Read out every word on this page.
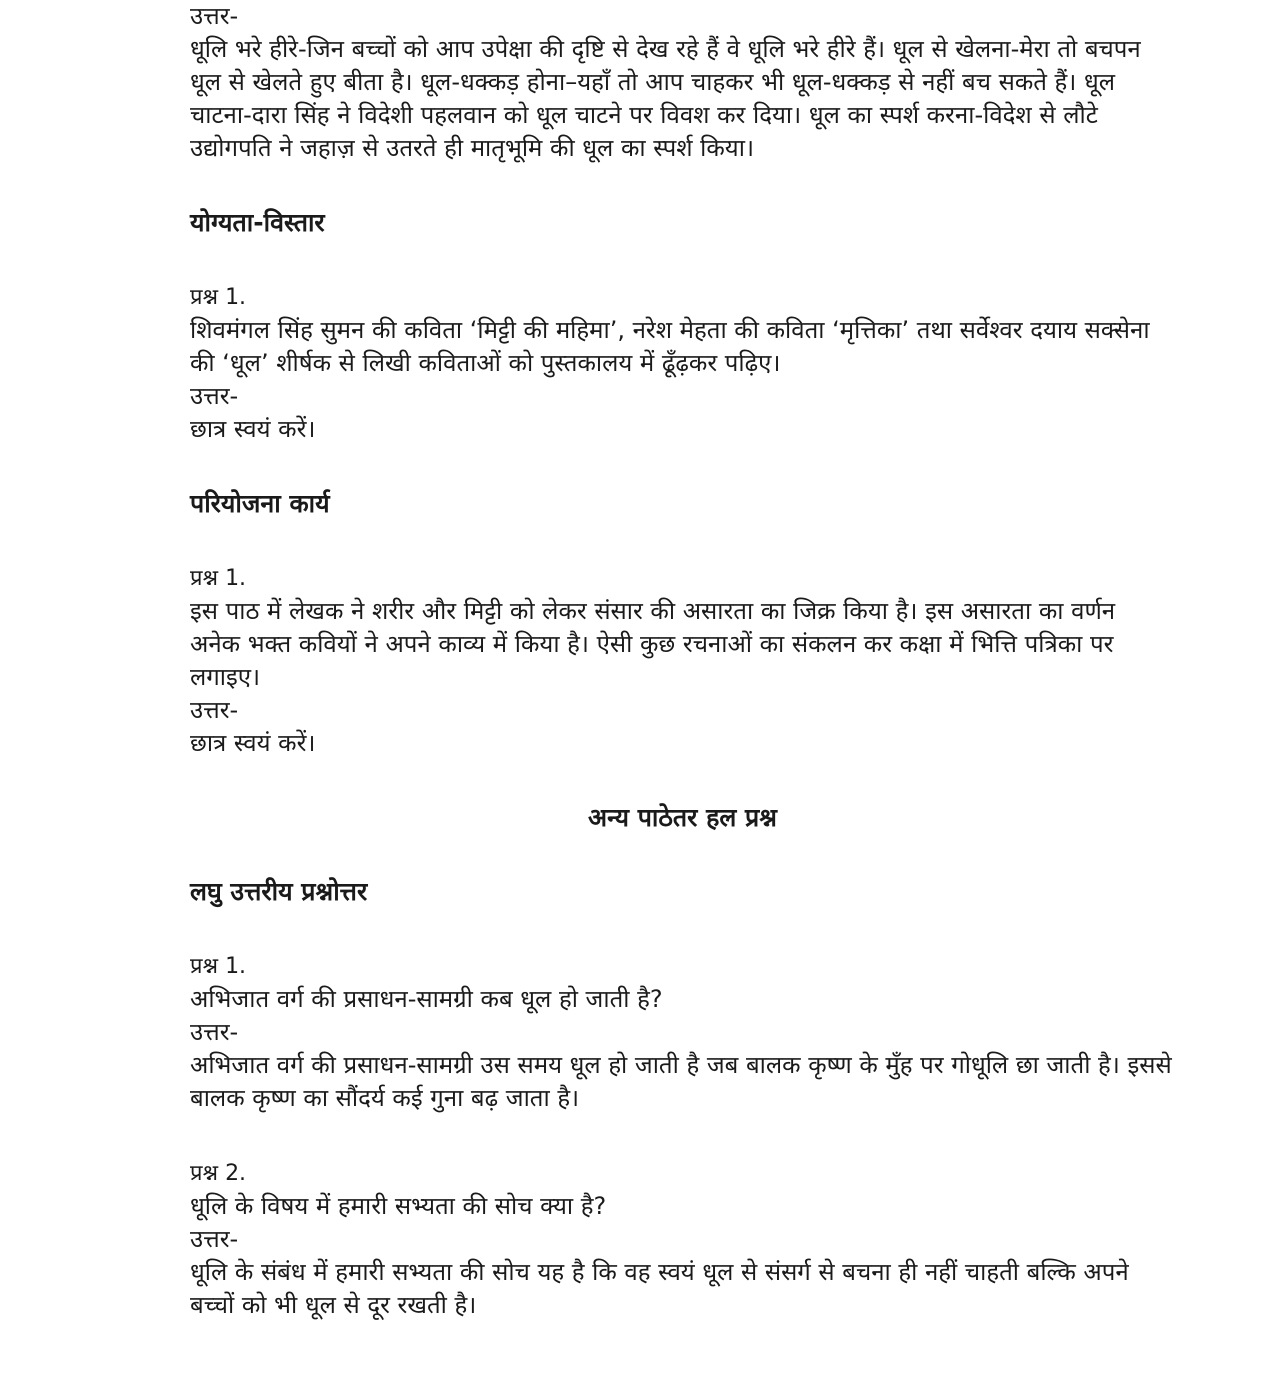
उत्तर-

धूलि भरे हीरे-जिन बच्चों को आप उपेक्षा की दृष्टि से देख रहे हैं वे धूलि भरे हीरे हैं। धूल से खेलना-मेरा तो बचपन धूल से खेलते हुए बीता है। धूल-धक्कड़ होना–यहाँ तो आप चाहकर भी धूल-धक्कड़ से नहीं बच सकते हैं। धूल चाटना-दारा सिंह ने विदेशी पहलवान को धूल चाटने पर विवश कर दिया। धूल का स्पर्श करना-विदेश से लौटे उद्योगपति ने जहाज़ से उतरते ही मातृभूमि की धूल का स्पर्श किया।

योग्यता-विस्तार

प्रश्न 1.

शिवमंगल सिंह सुमन की कविता ‘मिट्टी की महिमा’, नरेश मेहता की कविता ‘मृत्तिका’ तथा सर्वेश्वर दयाय सक्सेना की ‘धूल’ शीर्षक से लिखी कविताओं को पुस्तकालय में ढूँढ़कर पढ़िए।

उत्तर-

छात्र स्वयं करें।

परियोजना कार्य

प्रश्न 1.

इस पाठ में लेखक ने शरीर और मिट्टी को लेकर संसार की असारता का जिक्र किया है। इस असारता का वर्णन अनेक भक्त कवियों ने अपने काव्य में किया है। ऐसी कुछ रचनाओं का संकलन कर कक्षा में भित्ति पत्रिका पर लगाइए।

उत्तर-

छात्र स्वयं करें।

अन्य पाठेतर हल प्रश्न
लघु उत्तरीय प्रश्नोत्तर

प्रश्न 1.

अभिजात वर्ग की प्रसाधन-सामग्री कब धूल हो जाती है?

उत्तर-

अभिजात वर्ग की प्रसाधन-सामग्री उस समय धूल हो जाती है जब बालक कृष्ण के मुँह पर गोधूलि छा जाती है। इससे बालक कृष्ण का सौंदर्य कई गुना बढ़ जाता है।

प्रश्न 2.

धूलि के विषय में हमारी सभ्यता की सोच क्या है?

उत्तर-

धूलि के संबंध में हमारी सभ्यता की सोच यह है कि वह स्वयं धूल से संसर्ग से बचना ही नहीं चाहती बल्कि अपने बच्चों को भी धूल से दूर रखती है।
